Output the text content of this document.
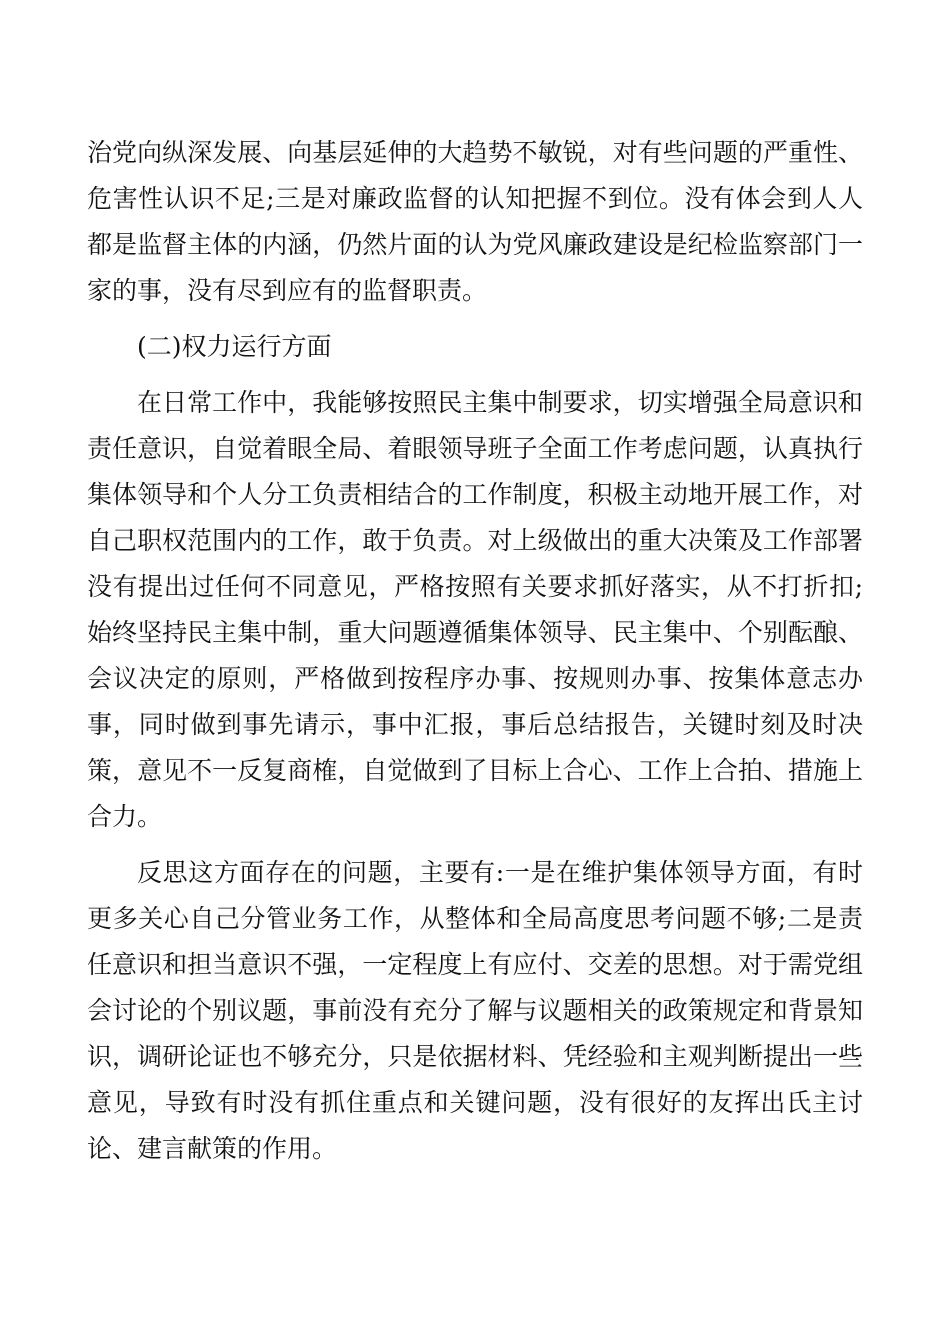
治党向纵深发展、向基层延伸的大趋势不敏锐，对有些问题的严重性、危害性认识不足;三是对廉政监督的认知把握不到位。没有体会到人人都是监督主体的内涵，仍然片面的认为党风廉政建设是纪检监察部门一家的事，没有尽到应有的监督职责。

(二)权力运行方面

在日常工作中，我能够按照民主集中制要求，切实增强全局意识和责任意识，自觉着眼全局、着眼领导班子全面工作考虑问题，认真执行集体领导和个人分工负责相结合的工作制度，积极主动地开展工作，对自己职权范围内的工作，敢于负责。对上级做出的重大决策及工作部署没有提出过任何不同意见，严格按照有关要求抓好落实，从不打折扣;始终坚持民主集中制，重大问题遵循集体领导、民主集中、个别酝酿、会议决定的原则，严格做到按程序办事、按规则办事、按集体意志办事，同时做到事先请示，事中汇报，事后总结报告，关键时刻及时决策，意见不一反复商榷，自觉做到了目标上合心、工作上合拍、措施上合力。

反思这方面存在的问题，主要有:一是在维护集体领导方面，有时更多关心自己分管业务工作，从整体和全局高度思考问题不够;二是责任意识和担当意识不强，一定程度上有应付、交差的思想。对于需党组会讨论的个别议题，事前没有充分了解与议题相关的政策规定和背景知识，调研论证也不够充分，只是依据材料、凭经验和主观判断提出一些意见，导致有时没有抓住重点和关键问题，没有很好的友挥出氏主讨论、建言献策的作用。
